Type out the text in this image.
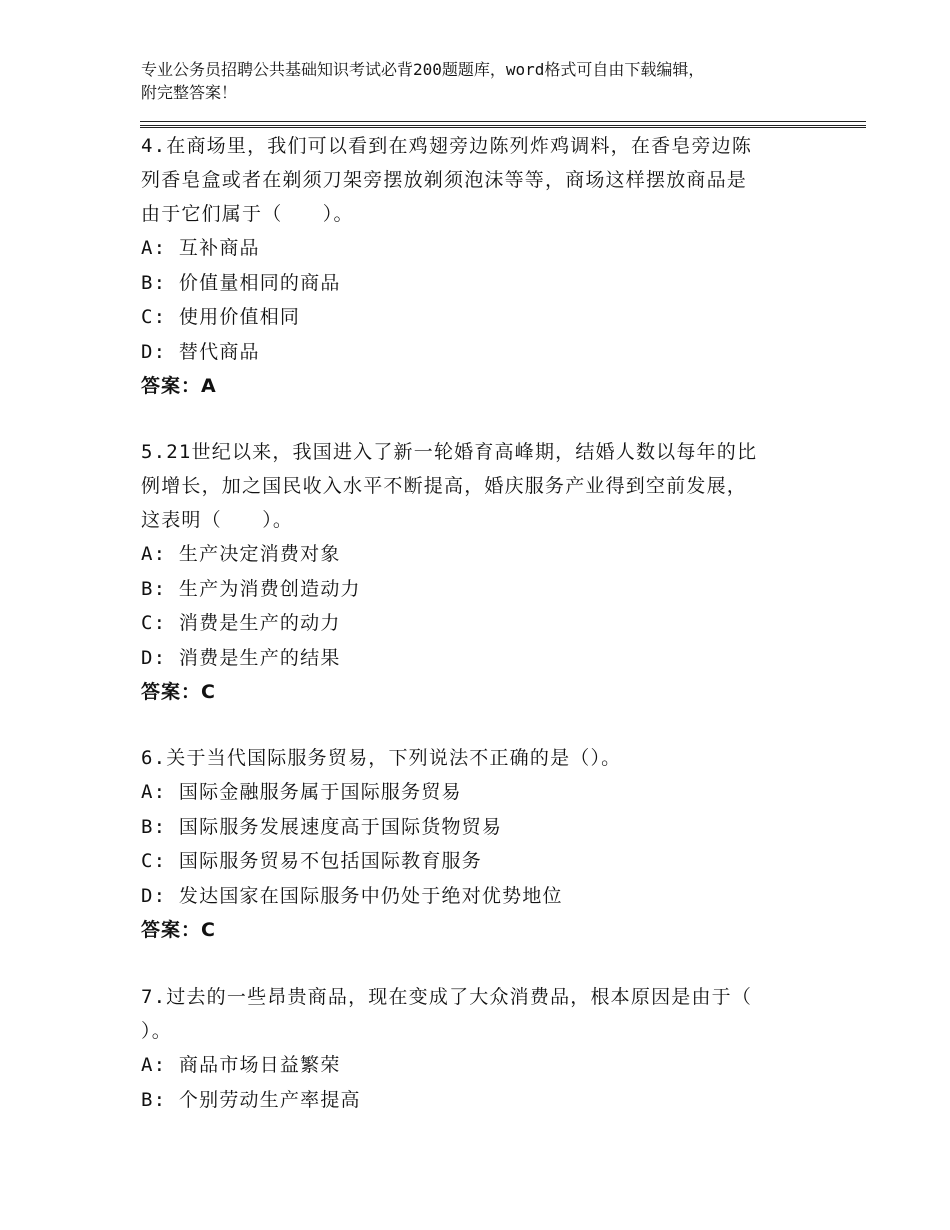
专业公务员招聘公共基础知识考试必背200题题库，word格式可自由下载编辑，
附完整答案！
4.在商场里，我们可以看到在鸡翅旁边陈列炸鸡调料，在香皂旁边陈
列香皂盒或者在剃须刀架旁摆放剃须泡沫等等，商场这样摆放商品是
由于它们属于（　　）。
A: 互补商品
B: 价值量相同的商品
C: 使用价值相同
D: 替代商品
答案：A
5.21世纪以来，我国进入了新一轮婚育高峰期，结婚人数以每年的比
例增长，加之国民收入水平不断提高，婚庆服务产业得到空前发展，
这表明（　　）。
A: 生产决定消费对象
B: 生产为消费创造动力
C: 消费是生产的动力
D: 消费是生产的结果
答案：C
6.关于当代国际服务贸易，下列说法不正确的是（）。
A: 国际金融服务属于国际服务贸易
B: 国际服务发展速度高于国际货物贸易
C: 国际服务贸易不包括国际教育服务
D: 发达国家在国际服务中仍处于绝对优势地位
答案：C
7.过去的一些昂贵商品，现在变成了大众消费品，根本原因是由于（
）。
A: 商品市场日益繁荣
B: 个别劳动生产率提高
